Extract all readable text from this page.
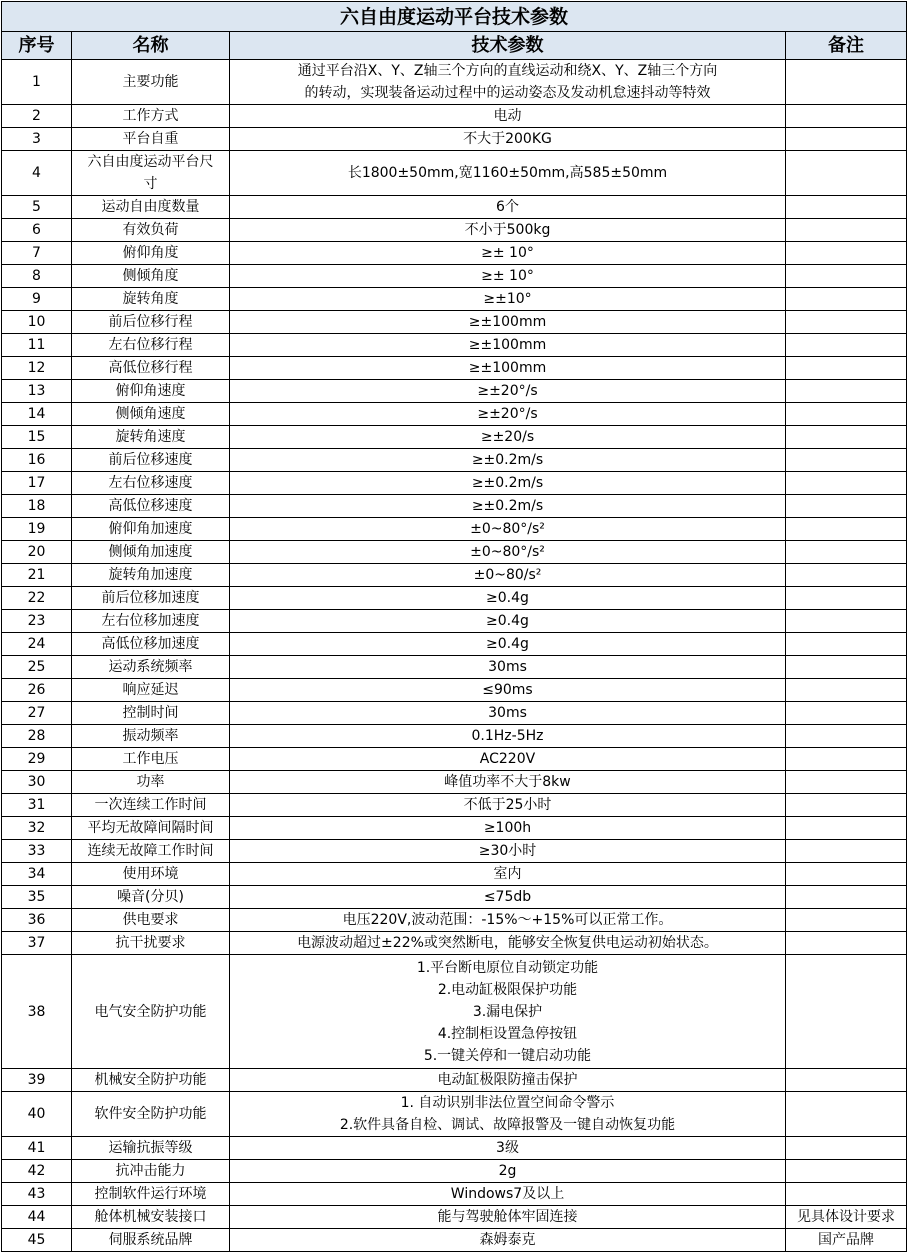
六自由度运动平台技术参数			
序号	名称	技术参数	备注
1	主要功能	通过平台沿X、Y、Z轴三个方向的直线运动和绕X、Y、Z轴三个方向
的转动，实现装备运动过程中的运动姿态及发动机怠速抖动等特效	
2	工作方式	电动	
3	平台自重	不大于200KG	
4	六自由度运动平台尺
寸	长1800±50mm,宽1160±50mm,高585±50mm	
5	运动自由度数量	6个	
6	有效负荷	不小于500kg	
7	俯仰角度	≥± 10°	
8	侧倾角度	≥± 10°	
9	旋转角度	≥±10°	
10	前后位移行程	≥±100mm	
11	左右位移行程	≥±100mm	
12	高低位移行程	≥±100mm	
13	俯仰角速度	≥±20°/s	
14	侧倾角速度	≥±20°/s	
15	旋转角速度	≥±20/s	
16	前后位移速度	≥±0.2m/s	
17	左右位移速度	≥±0.2m/s	
18	高低位移速度	≥±0.2m/s	
19	俯仰角加速度	±0~80°/s²	
20	侧倾角加速度	±0~80°/s²	
21	旋转角加速度	±0~80/s²	
22	前后位移加速度	≥0.4g	
23	左右位移加速度	≥0.4g	
24	高低位移加速度	≥0.4g	
25	运动系统频率	30ms	
26	响应延迟	≤90ms	
27	控制时间	30ms	
28	振动频率	0.1Hz-5Hz	
29	工作电压	AC220V	
30	功率	峰值功率不大于8kw	
31	一次连续工作时间	不低于25小时	
32	平均无故障间隔时间	≥100h	
33	连续无故障工作时间	≥30小时	
34	使用环境	室内	
35	噪音(分贝)	≤75db	
36	供电要求	电压220V,波动范围：-15%～+15%可以正常工作。	
37	抗干扰要求	电源波动超过±22%或突然断电，能够安全恢复供电运动初始状态。	
38	电气安全防护功能	1.平台断电原位自动锁定功能
2.电动缸极限保护功能
3.漏电保护
4.控制柜设置急停按钮
5.一键关停和一键启动功能	
39	机械安全防护功能	电动缸极限防撞击保护	
40	软件安全防护功能	1. 自动识别非法位置空间命令警示
2.软件具备自检、调试、故障报警及一键自动恢复功能	
41	运输抗振等级	3级	
42	抗冲击能力	2g	
43	控制软件运行环境	Windows7及以上	
44	舱体机械安装接口	能与驾驶舱体牢固连接	见具体设计要求
45	伺服系统品牌	森姆泰克	国产品牌
